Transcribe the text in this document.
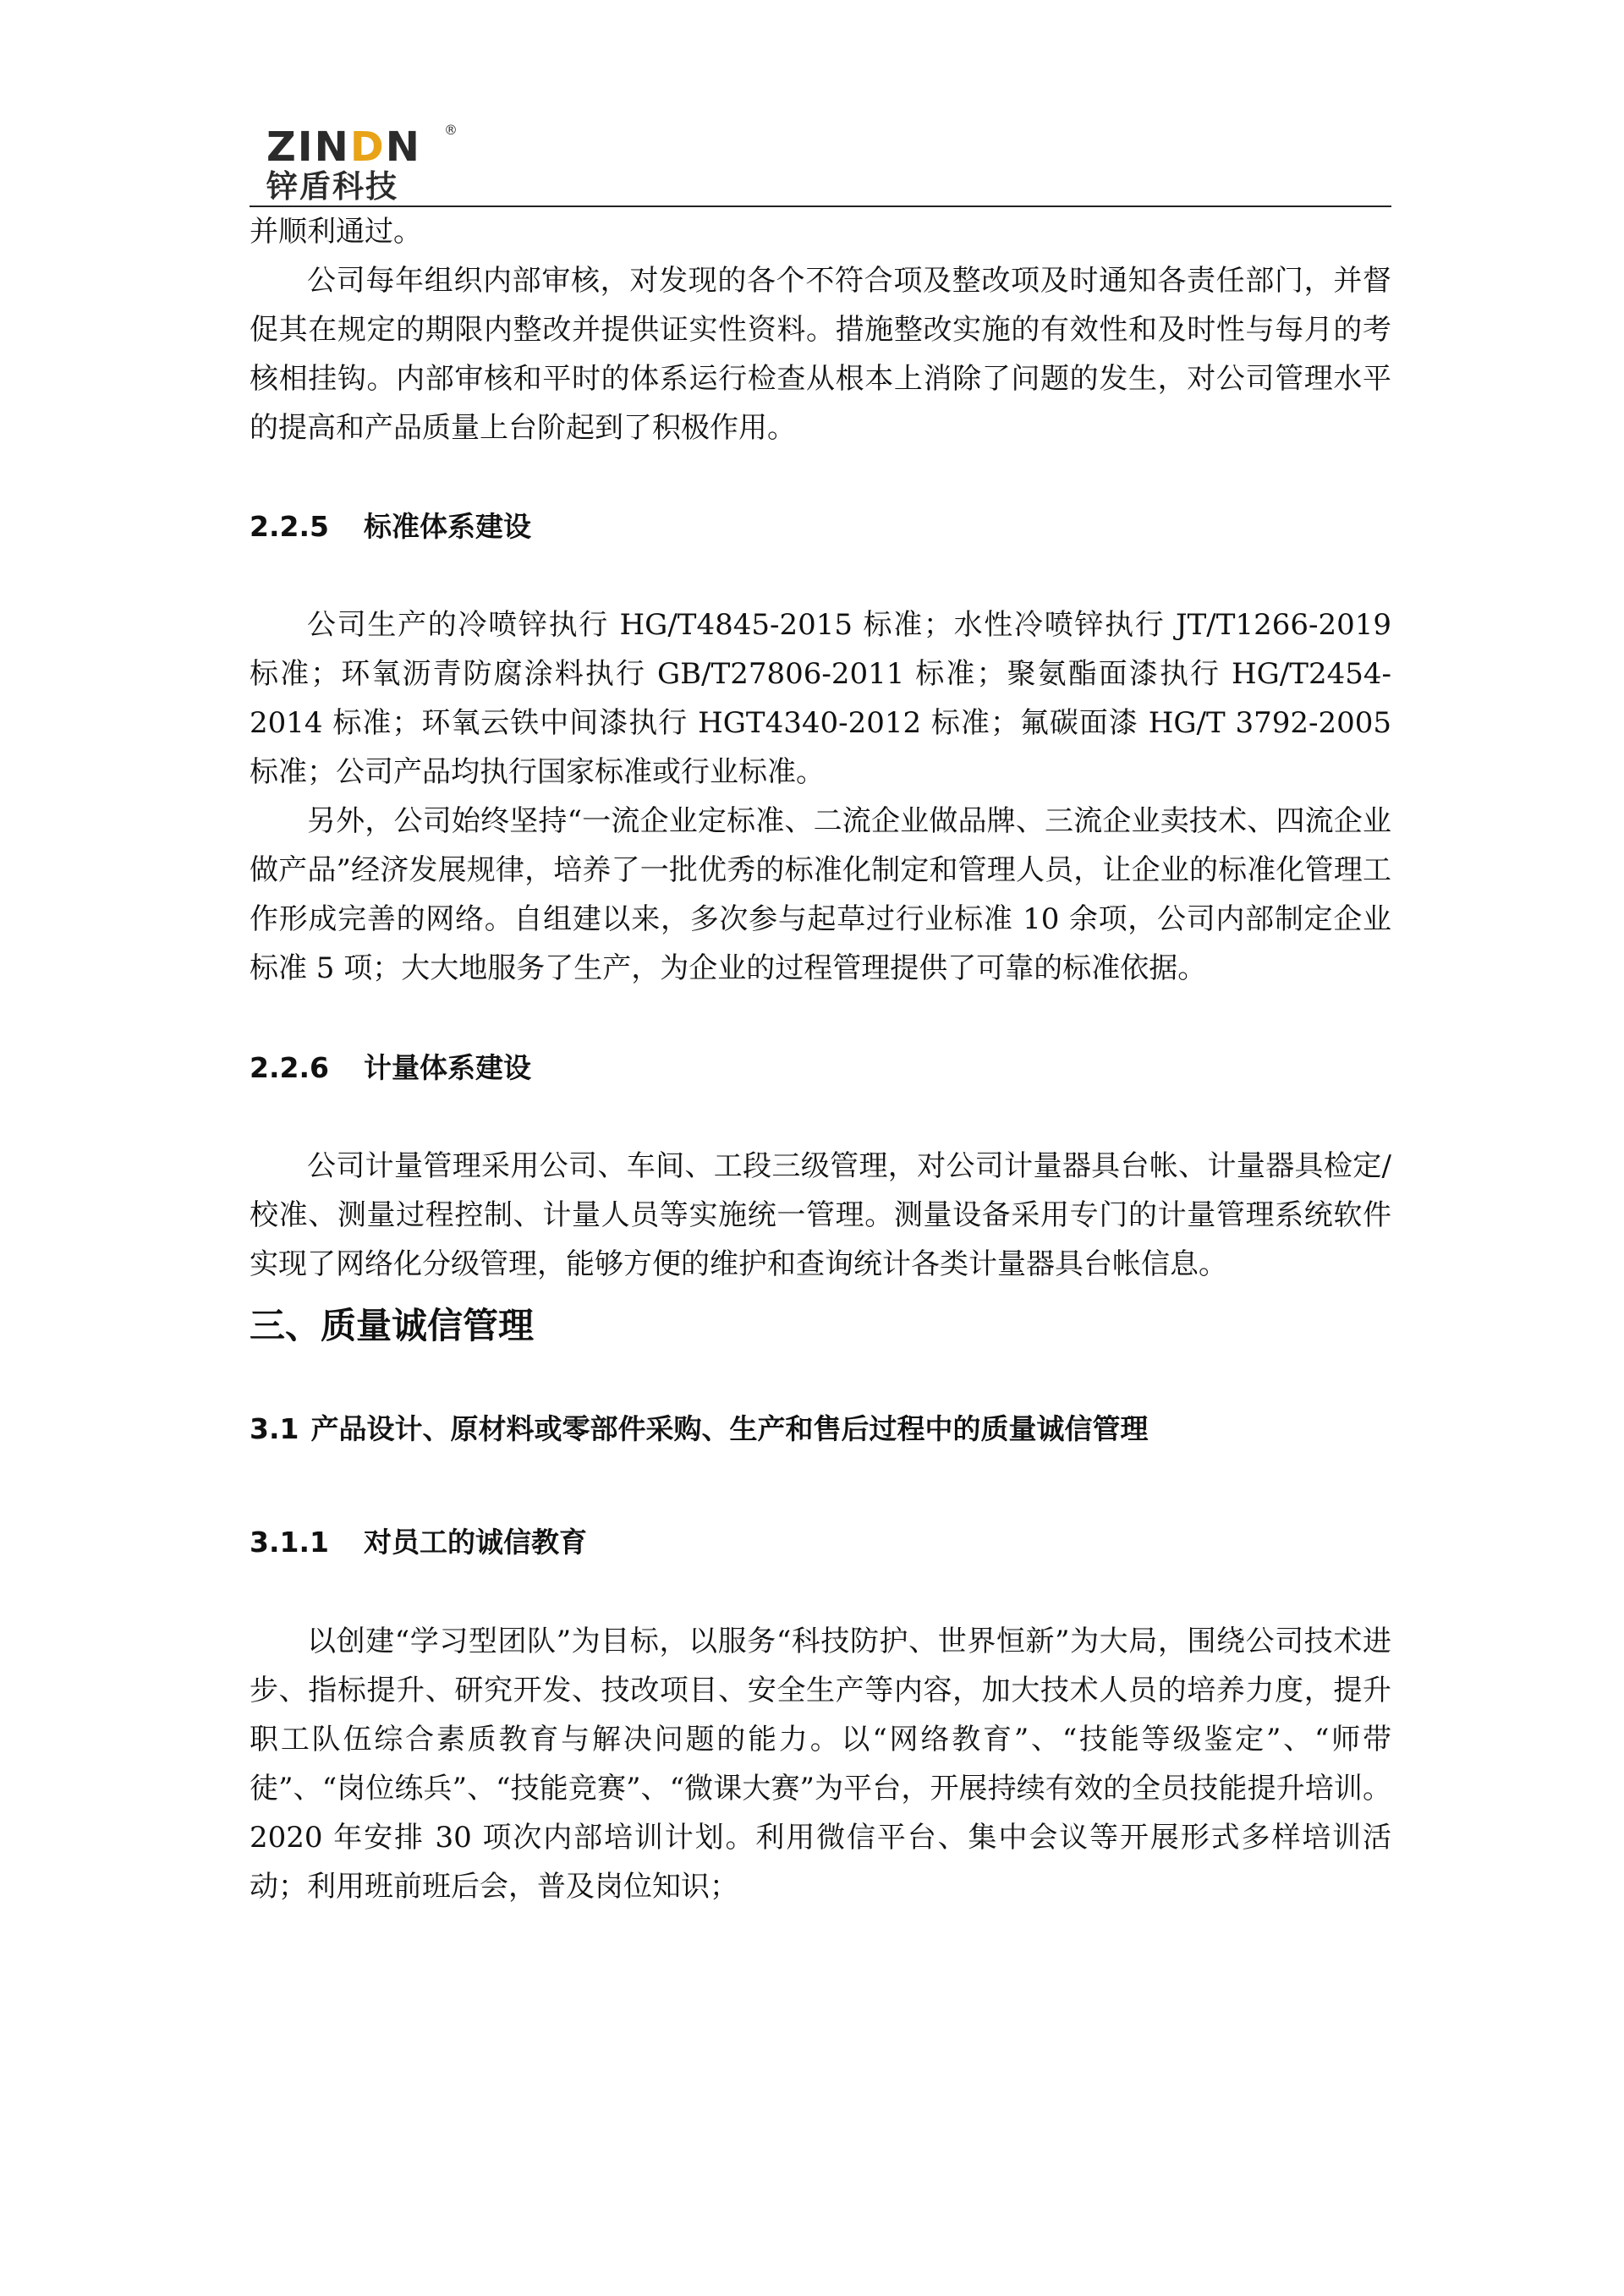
ZINDN ®
锌盾科技

并顺利通过。

公司每年组织内部审核，对发现的各个不符合项及整改项及时通知各责任部门，并督促其在规定的期限内整改并提供证实性资料。措施整改实施的有效性和及时性与每月的考核相挂钩。内部审核和平时的体系运行检查从根本上消除了问题的发生，对公司管理水平的提高和产品质量上台阶起到了积极作用。

2.2.5 标准体系建设

公司生产的冷喷锌执行 HG/T4845-2015 标准；水性冷喷锌执行 JT/T1266-2019 标准；环氧沥青防腐涂料执行 GB/T27806-2011 标准；聚氨酯面漆执行 HG/T2454-2014 标准；环氧云铁中间漆执行 HGT4340-2012 标准；氟碳面漆 HG/T 3792-2005 标准；公司产品均执行国家标准或行业标准。

另外，公司始终坚持“一流企业定标准、二流企业做品牌、三流企业卖技术、四流企业做产品”经济发展规律，培养了一批优秀的标准化制定和管理人员，让企业的标准化管理工作形成完善的网络。自组建以来，多次参与起草过行业标准 10 余项，公司内部制定企业标准 5 项；大大地服务了生产，为企业的过程管理提供了可靠的标准依据。

2.2.6 计量体系建设

公司计量管理采用公司、车间、工段三级管理，对公司计量器具台帐、计量器具检定/校准、测量过程控制、计量人员等实施统一管理。测量设备采用专门的计量管理系统软件实现了网络化分级管理，能够方便的维护和查询统计各类计量器具台帐信息。

三、质量诚信管理
3.1 产品设计、原材料或零部件采购、生产和售后过程中的质量诚信管理
3.1.1 对员工的诚信教育

以创建“学习型团队”为目标，以服务“科技防护、世界恒新”为大局，围绕公司技术进步、指标提升、研究开发、技改项目、安全生产等内容，加大技术人员的培养力度，提升职工队伍综合素质教育与解决问题的能力。以“网络教育”、“技能等级鉴定”、“师带徒”、“岗位练兵”、“技能竞赛”、“微课大赛”为平台，开展持续有效的全员技能提升培训。2020 年安排 30 项次内部培训计划。利用微信平台、集中会议等开展形式多样培训活动；利用班前班后会，普及岗位知识；
